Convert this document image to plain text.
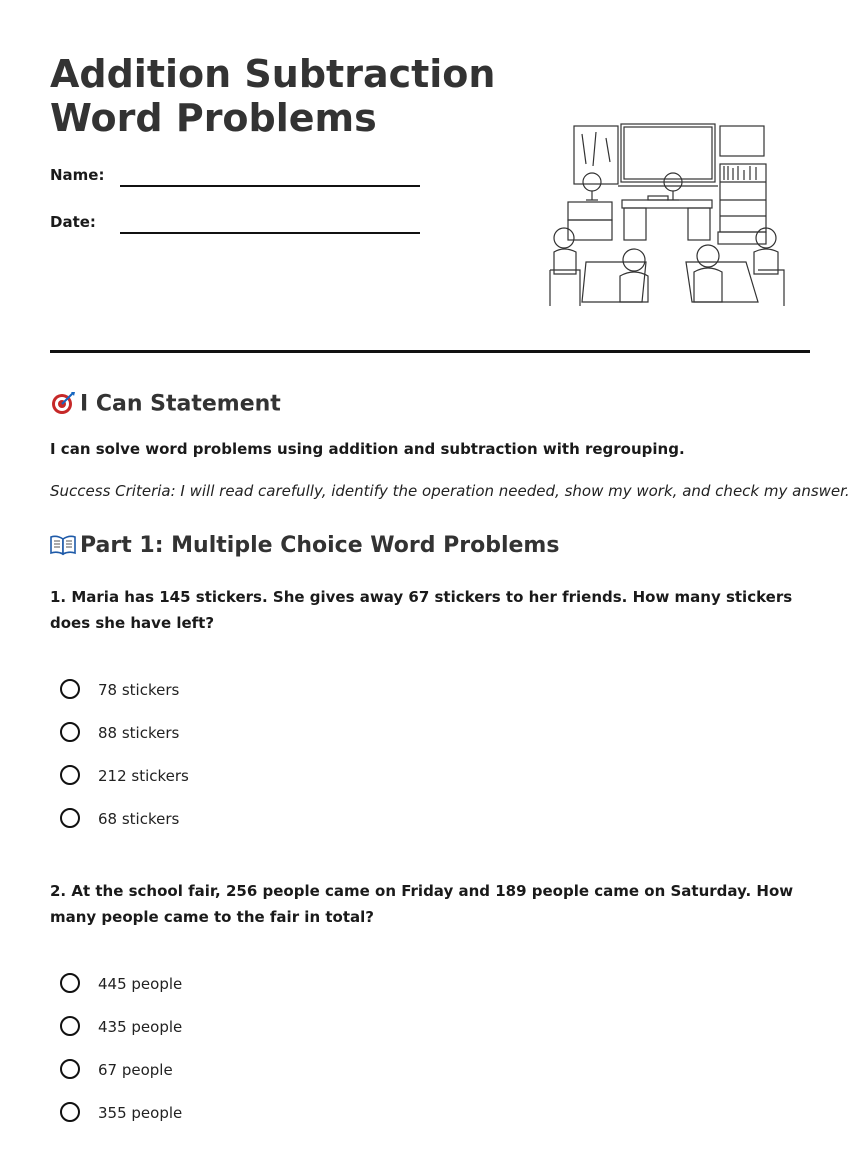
Addition Subtraction
Word Problems
Name:
Date:
I Can Statement
I can solve word problems using addition and subtraction with regrouping.
Success Criteria: I will read carefully, identify the operation needed, show my work, and check my answer.
Part 1: Multiple Choice Word Problems

1. Maria has 145 stickers. She gives away 67 stickers to her friends. How many stickers does she have left?

78 stickers
88 stickers
212 stickers
68 stickers

2. At the school fair, 256 people came on Friday and 189 people came on Saturday. How many people came to the fair in total?

445 people
435 people
67 people
355 people
